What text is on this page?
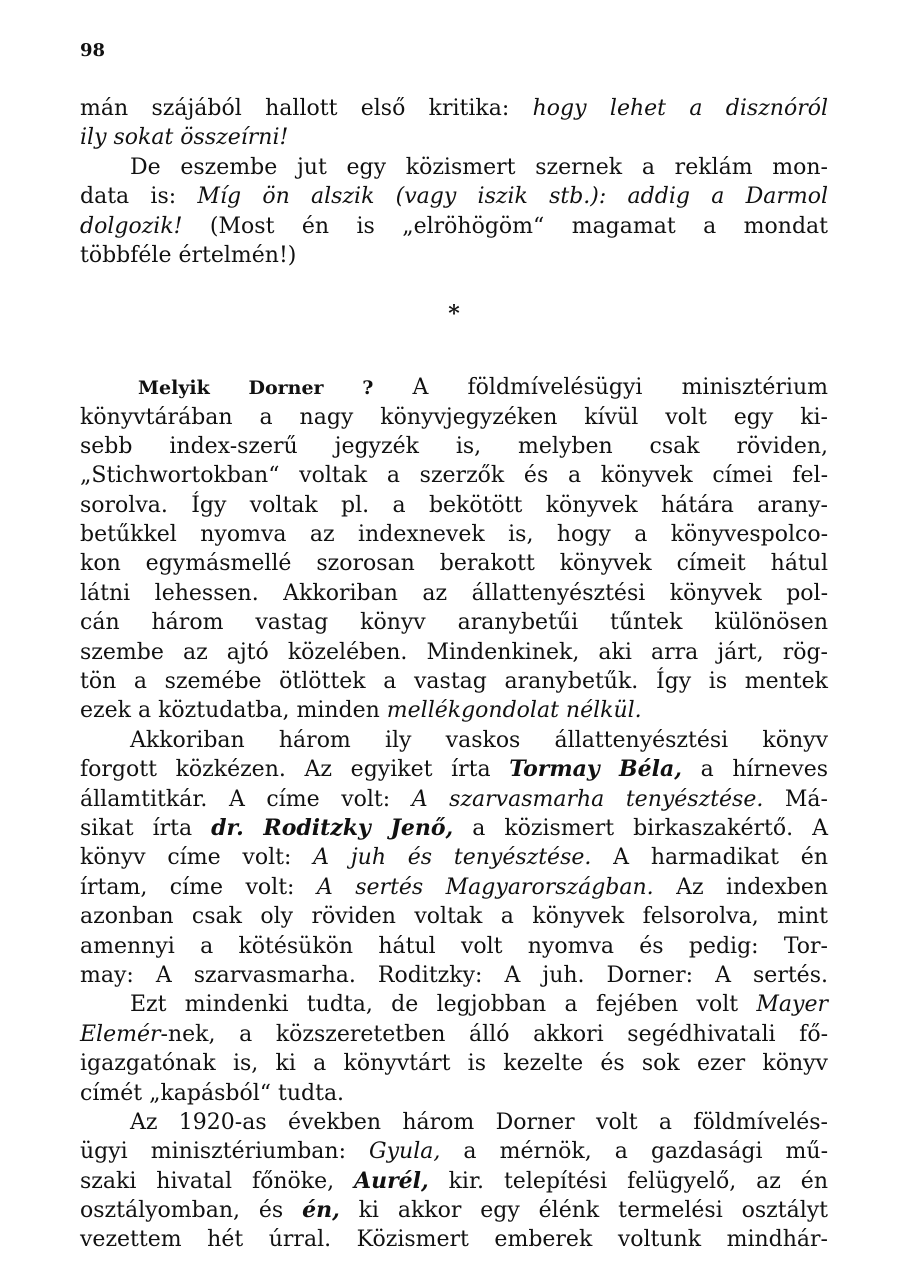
98
mán szájából hallott első kritika: hogy lehet a disznóról
ily sokat összeírni!
De eszembe jut egy közismert szernek a reklám mon-
data is: Míg ön alszik (vagy iszik stb.): addig a Darmol
dolgozik! (Most én is „elröhögöm“ magamat a mondat
többféle értelmén!)
*
Melyik Dorner ? A földmívelésügyi minisztérium
könyvtárában a nagy könyvjegyzéken kívül volt egy ki-
sebb index-szerű jegyzék is, melyben csak röviden,
„Stichwortokban“ voltak a szerzők és a könyvek címei fel-
sorolva. Így voltak pl. a bekötött könyvek hátára arany-
betűkkel nyomva az indexnevek is, hogy a könyvespolco-
kon egymásmellé szorosan berakott könyvek címeit hátul
látni lehessen. Akkoriban az állattenyésztési könyvek pol-
cán három vastag könyv aranybetűi tűntek különösen
szembe az ajtó közelében. Mindenkinek, aki arra járt, rög-
tön a szemébe ötlöttek a vastag aranybetűk. Így is mentek
ezek a köztudatba, minden mellékgondolat nélkül.
Akkoriban három ily vaskos állattenyésztési könyv
forgott közkézen. Az egyiket írta Tormay Béla, a hírneves
államtitkár. A címe volt: A szarvasmarha tenyésztése. Má-
sikat írta dr. Roditzky Jenő, a közismert birkaszakértő. A
könyv címe volt: A juh és tenyésztése. A harmadikat én
írtam, címe volt: A sertés Magyarországban. Az indexben
azonban csak oly röviden voltak a könyvek felsorolva, mint
amennyi a kötésükön hátul volt nyomva és pedig: Tor-
may: A szarvasmarha. Roditzky: A juh. Dorner: A sertés.
Ezt mindenki tudta, de legjobban a fejében volt Mayer
Elemér-nek, a közszeretetben álló akkori segédhivatali fő-
igazgatónak is, ki a könyvtárt is kezelte és sok ezer könyv
címét „kapásból“ tudta.
Az 1920-as években három Dorner volt a földmívelés-
ügyi minisztériumban: Gyula, a mérnök, a gazdasági mű-
szaki hivatal főnöke, Aurél, kir. telepítési felügyelő, az én
osztályomban, és én, ki akkor egy élénk termelési osztályt
vezettem hét úrral. Közismert emberek voltunk mindhár-
